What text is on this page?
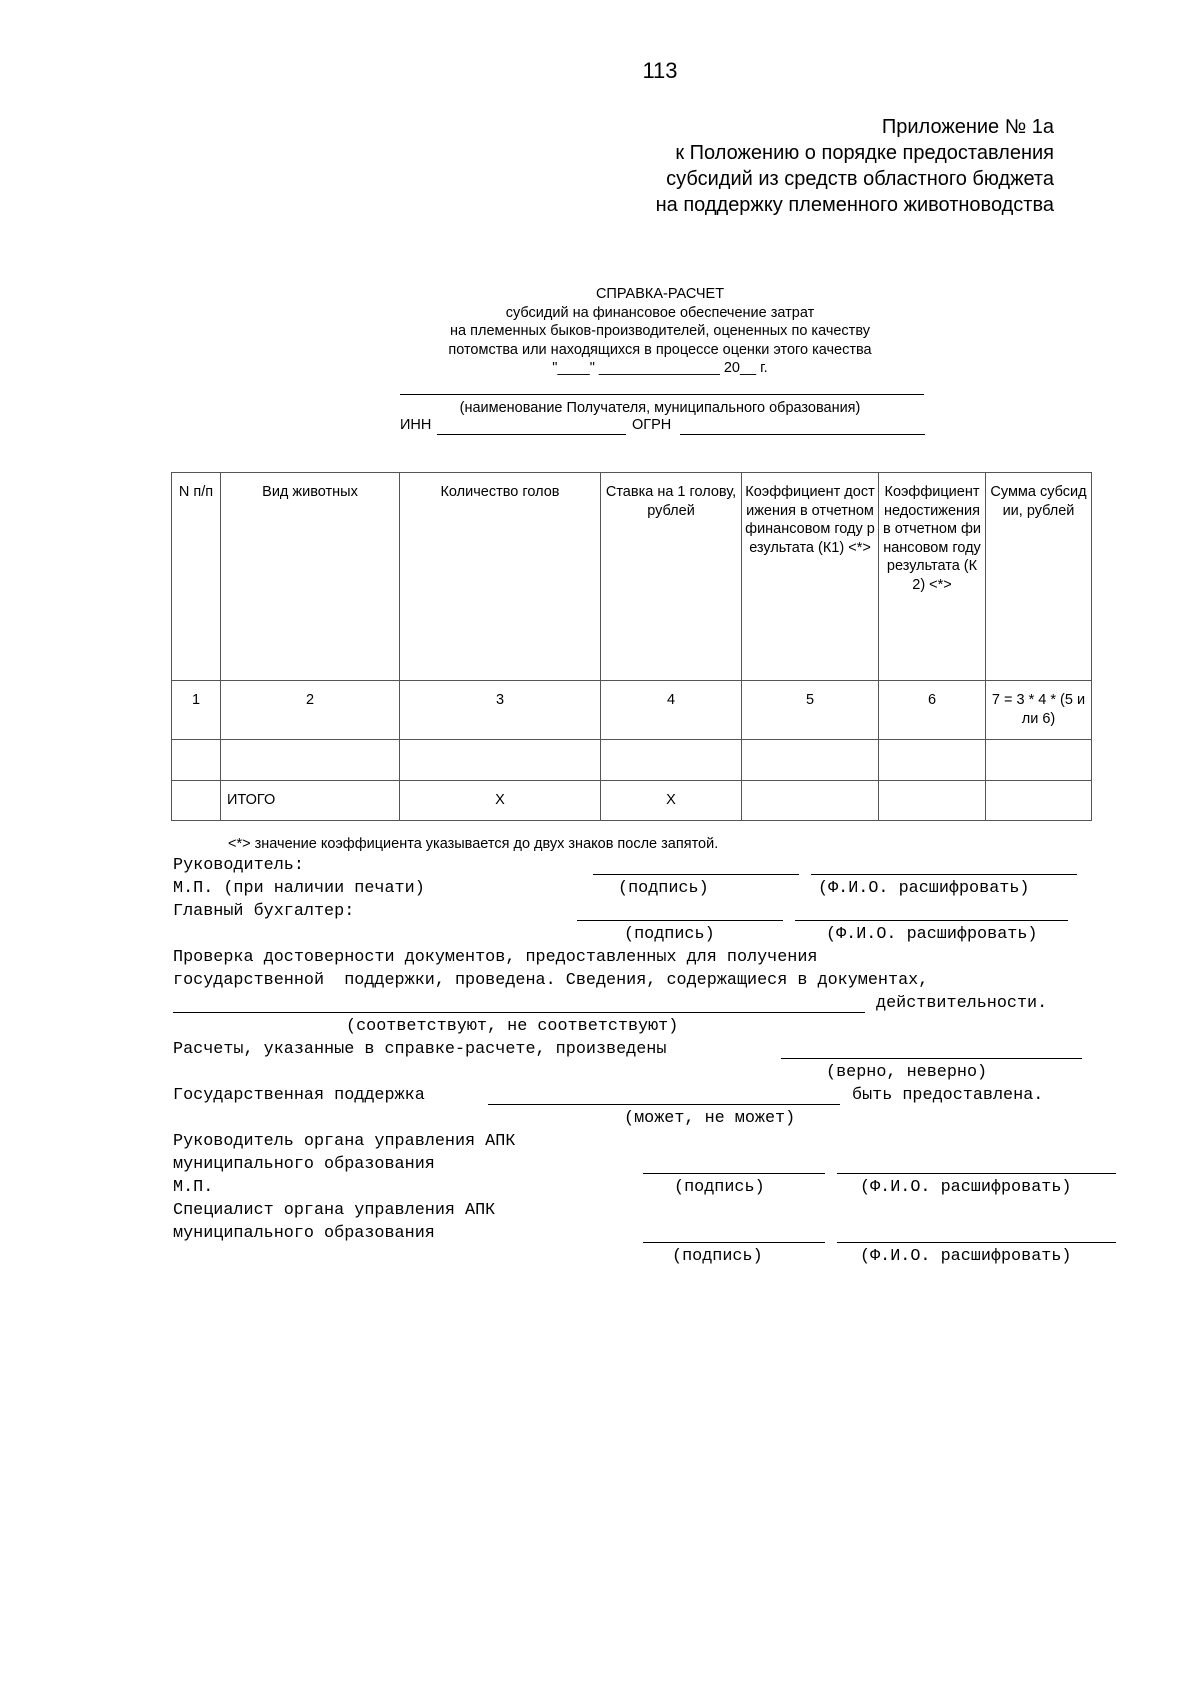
113
Приложение № 1а
к Положению о порядке предоставления
субсидий из средств областного бюджета
на поддержку племенного животноводства
СПРАВКА-РАСЧЕТ
субсидий на финансовое обеспечение затрат
на племенных быков-производителей, оцененных по качеству
потомства или находящихся в процессе оценки этого качества
"____" _______________ 20__ г.
(наименование Получателя, муниципального образования)
ИНН	ОГРН
N п/п	Вид животных	Количество голов	Ставка на 1 голову, рублей	Коэффициент достижения в отчетном финансовом году результата (К1) <*>	Коэффициент недостижения в отчетном финансовом году результата (К2) <*>	Сумма субсидии, рублей
1	2	3	4	5	6	7 = 3 * 4 * (5 или 6)

	ИТОГО	X	X			
<*> значение коэффициента указывается до двух знаков после запятой.
Руководитель:
М.П. (при наличии печати)	(подпись)	(Ф.И.О. расшифровать)
Главный бухгалтер:
(подпись)	(Ф.И.О. расшифровать)
Проверка достоверности документов, предоставленных для получения
государственной  поддержки, проведена. Сведения, содержащиеся в документах,
действительности.
(соответствуют, не соответствуют)
Расчеты, указанные в справке-расчете, произведены
(верно, неверно)
Государственная поддержка	быть предоставлена.
(может, не может)
Руководитель органа управления АПК
муниципального образования
М.П.	(подпись)	(Ф.И.О. расшифровать)
Специалист органа управления АПК
муниципального образования
(подпись)	(Ф.И.О. расшифровать)
